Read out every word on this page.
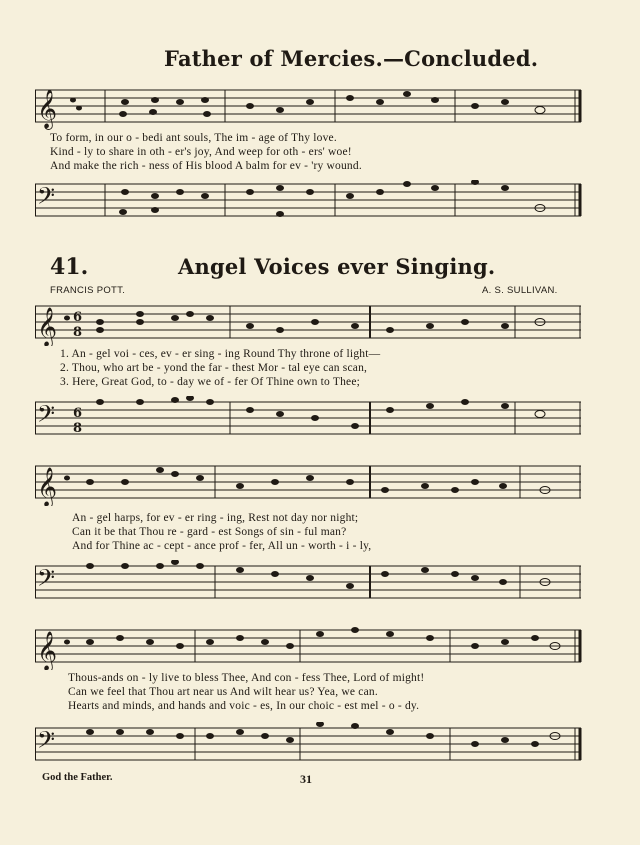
Father of Mercies.—Concluded.
𝄞
To form, in our o - bedi ant souls, The im - age of Thy love.
Kind - ly to share in oth - er's joy, And weep for oth - ers' woe!
And make the rich - ness of His blood A balm for ev - 'ry wound.
𝄢
41.	Angel Voices ever Singing.
FRANCIS POTT.	A. S. SULLIVAN.
𝄞 6
8
1. An - gel voi - ces, ev - er sing - ing Round Thy throne of light—
2. Thou, who art be - yond the far - thest Mor - tal eye can scan,
3. Here, Great God, to - day we of - fer Of Thine own to Thee;
𝄢 6
8
𝄞
An - gel harps, for ev - er ring - ing, Rest not day nor night;
Can it be that Thou re - gard - est Songs of sin - ful man?
And for Thine ac - cept - ance prof - fer, All un - worth - i - ly,
𝄢
𝄞
Thous-ands on - ly live to bless Thee, And con - fess Thee, Lord of might!
Can we feel that Thou art near us And wilt hear us? Yea, we can.
Hearts and minds, and hands and voic - es, In our choic - est mel - o - dy.
𝄢
God the Father.	31
